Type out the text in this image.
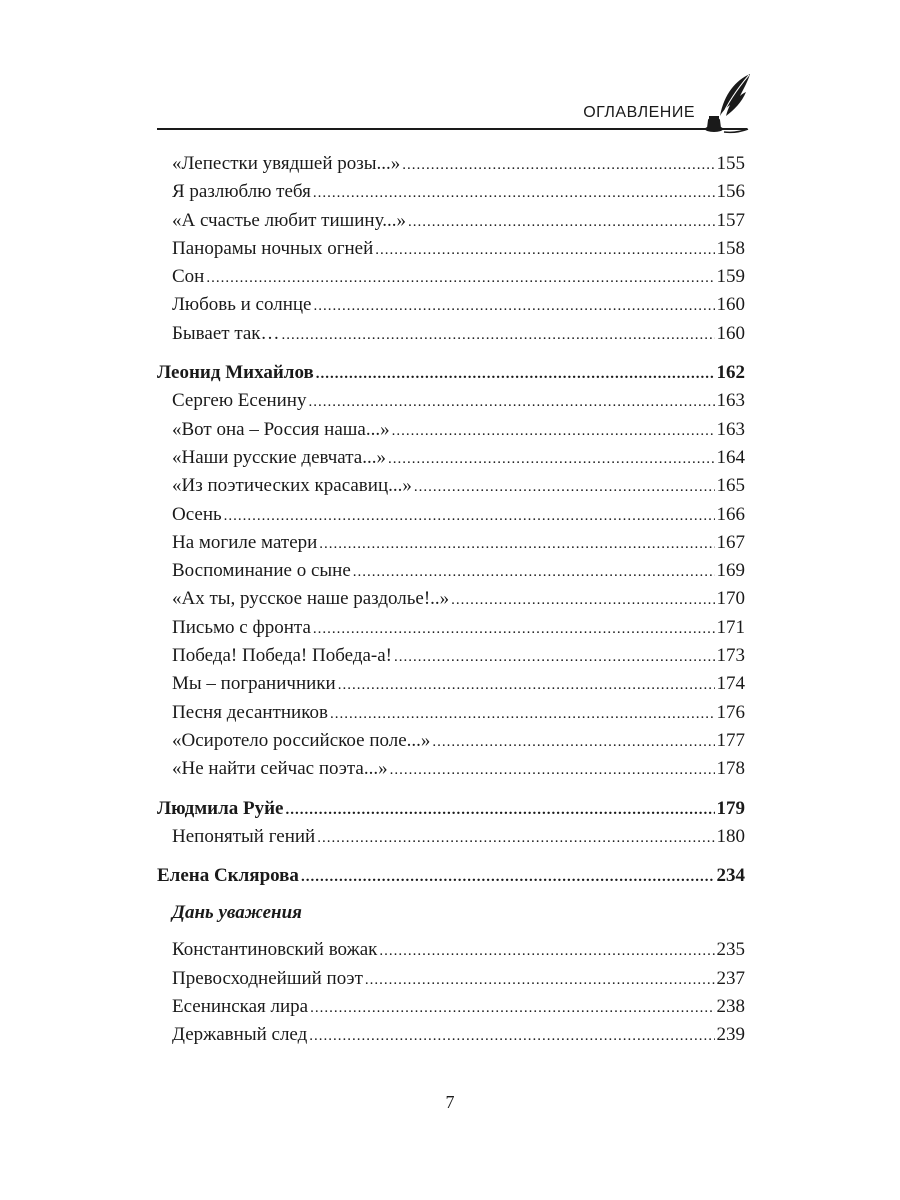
ОГЛАВЛЕНИЕ
«Лепестки увядшей розы...» .....	155
Я разлюблю тебя .....	156
«А счастье любит тишину...» .....	157
Панорамы ночных огней .....	158
Сон .....	159
Любовь и солнце .....	160
Бывает так… .....	160
Леонид Михайлов .....	162
Сергею Есенину .....	163
«Вот она – Россия наша...» .....	163
«Наши русские девчата...» .....	164
«Из поэтических красавиц...» .....	165
Осень .....	166
На могиле матери .....	167
Воспоминание о сыне .....	169
«Ах ты, русское наше раздолье!..» .....	170
Письмо с фронта .....	171
Победа! Победа! Победа-а! .....	173
Мы – пограничники .....	174
Песня десантников .....	176
«Осиротело российское поле...» .....	177
«Не найти сейчас поэта...» .....	178
Людмила Руйе .....	179
Непонятый гений .....	180
Елена Склярова .....	234
Дань уважения
Константиновский вожак .....	235
Превосходнейший поэт .....	237
Есенинская лира .....	238
Державный след .....	239
7
